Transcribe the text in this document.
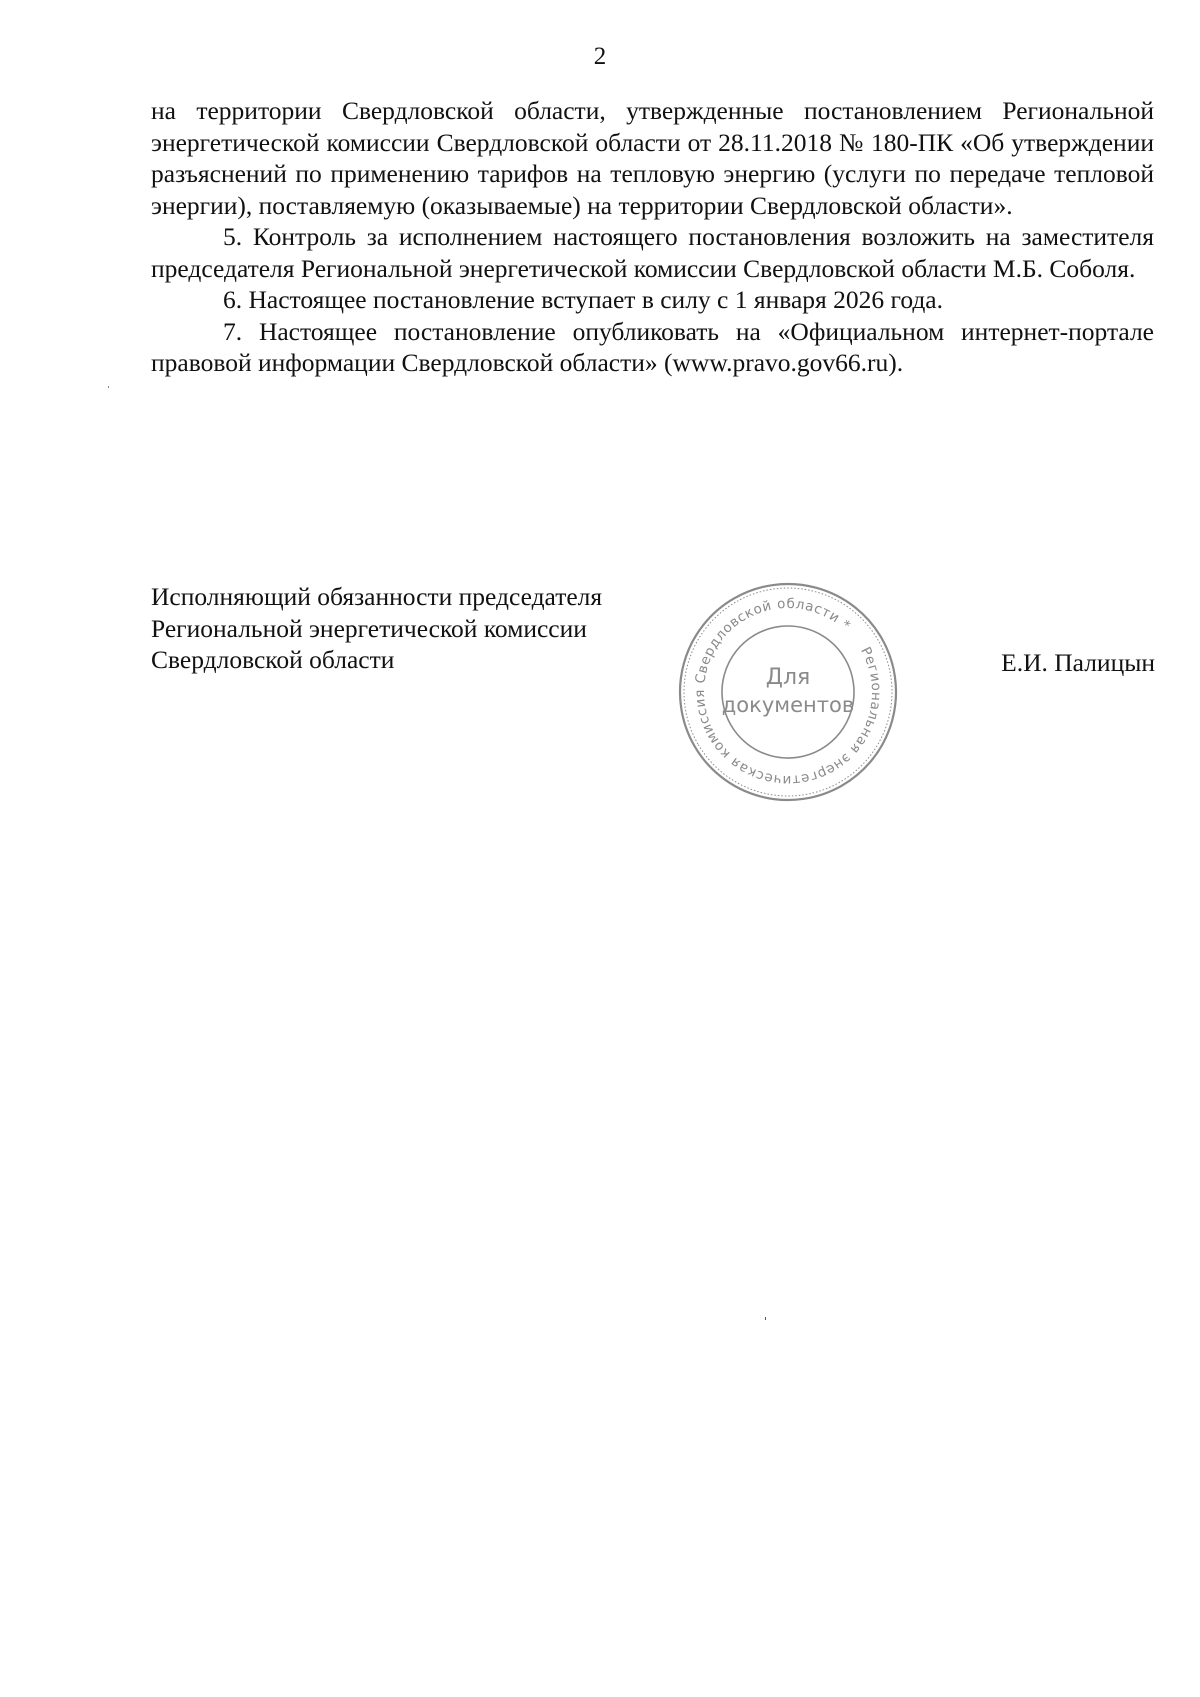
2

на территории Свердловской области, утвержденные постановлением Региональной энергетической комиссии Свердловской области от 28.11.2018 № 180-ПК «Об утверждении разъяснений по применению тарифов на тепловую энергию (услуги по передаче тепловой энергии), поставляемую (оказываемые) на территории Свердловской области».

5. Контроль за исполнением настоящего постановления возложить на заместителя председателя Региональной энергетической комиссии Свердловской области М.Б. Соболя.

6. Настоящее постановление вступает в силу с 1 января 2026 года.

7. Настоящее постановление опубликовать на «Официальном интернет-портале правовой информации Свердловской области» (www.pravo.gov66.ru).

Исполняющий обязанности председателя
Региональной энергетической комиссии
Свердловской области	Региональная энергетическая комиссия Свердловской области *
Для
документов
Е.И. Палицын
